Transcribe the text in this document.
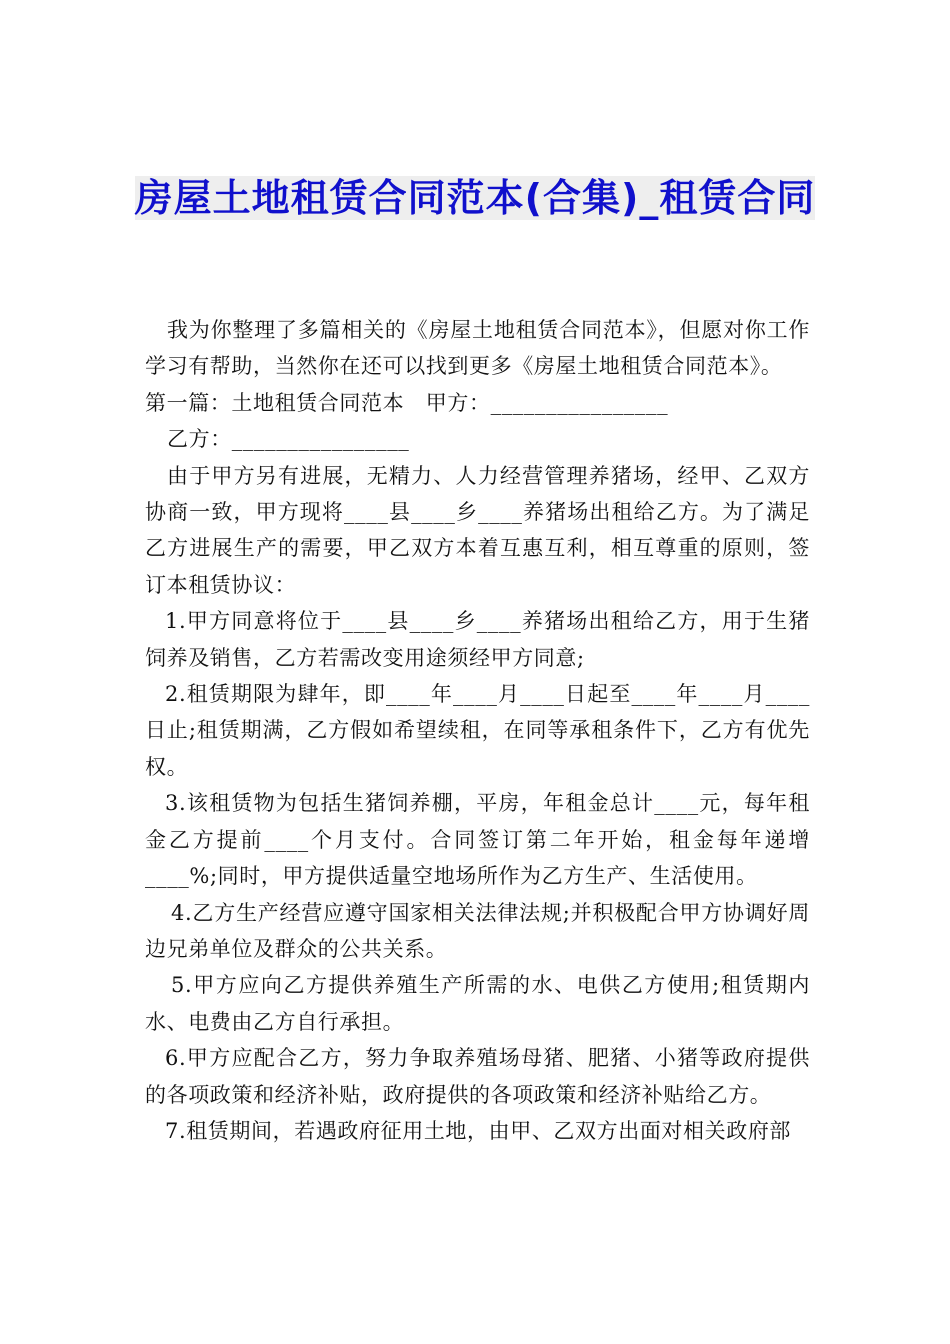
房屋土地租赁合同范本(合集)_租赁合同

我为你整理了多篇相关的《房屋土地租赁合同范本》，但愿对你工作学习有帮助，当然你在还可以找到更多《房屋土地租赁合同范本》。

第一篇：土地租赁合同范本　甲方：________________

乙方：________________

由于甲方另有进展，无精力、人力经营管理养猪场，经甲、乙双方协商一致，甲方现将____县____乡____养猪场出租给乙方。为了满足乙方进展生产的需要，甲乙双方本着互惠互利，相互尊重的原则，签订本租赁协议：

1.甲方同意将位于____县____乡____养猪场出租给乙方，用于生猪饲养及销售，乙方若需改变用途须经甲方同意;

2.租赁期限为肆年，即____年____月____日起至____年____月____日止;租赁期满，乙方假如希望续租，在同等承租条件下，乙方有优先权。

3.该租赁物为包括生猪饲养棚，平房，年租金总计____元，每年租金乙方提前____个月支付。合同签订第二年开始，租金每年递增____%;同时，甲方提供适量空地场所作为乙方生产、生活使用。

4.乙方生产经营应遵守国家相关法律法规;并积极配合甲方协调好周边兄弟单位及群众的公共关系。

5.甲方应向乙方提供养殖生产所需的水、电供乙方使用;租赁期内水、电费由乙方自行承担。

6.甲方应配合乙方，努力争取养殖场母猪、肥猪、小猪等政府提供的各项政策和经济补贴，政府提供的各项政策和经济补贴给乙方。

7.租赁期间，若遇政府征用土地，由甲、乙双方出面对相关政府部
